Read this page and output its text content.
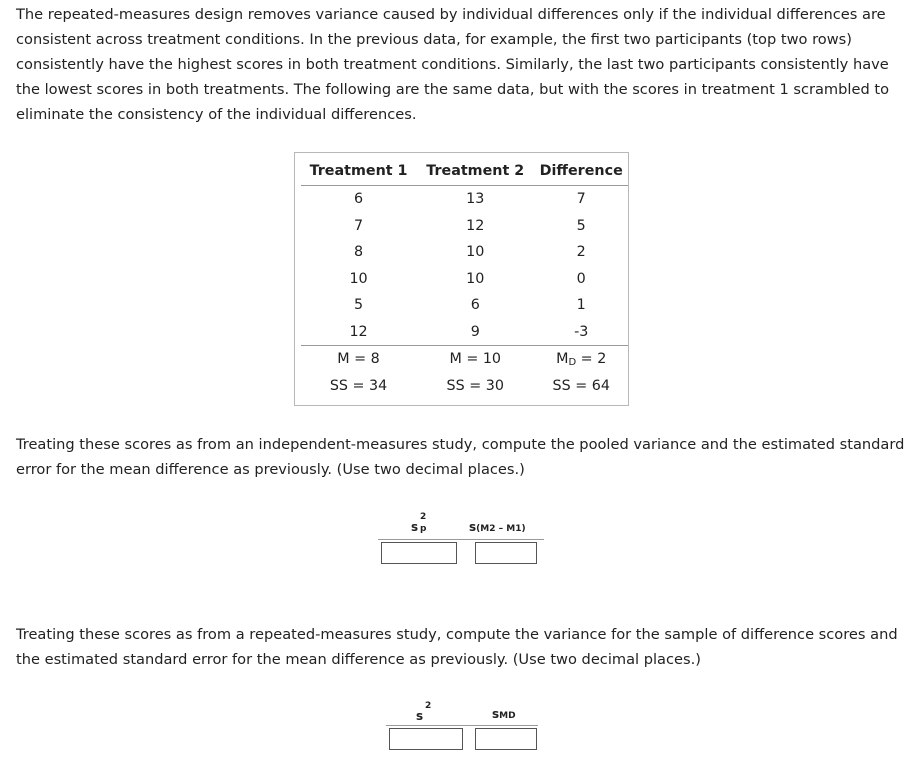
The repeated-measures design removes variance caused by individual differences only if the individual differences are consistent across treatment conditions. In the previous data, for example, the first two participants (top two rows) consistently have the highest scores in both treatment conditions. Similarly, the last two participants consistently have the lowest scores in both treatments. The following are the same data, but with the scores in treatment 1 scrambled to eliminate the consistency of the individual differences.

Treatment 1	Treatment 2	Difference
6	13	7
7	12	5
8	10	2
10	10	0
5	6	1
12	9	-3
M = 8	M = 10	$M_D = 2$
SS = 34	SS = 30	SS = 64

Treating these scores as from an independent-measures study, compute the pooled variance and the estimated standard error for the mean difference as previously. (Use two decimal places.)

s
2
p	s(M2 – M1)

Treating these scores as from a repeated-measures study, compute the variance for the sample of difference scores and the estimated standard error for the mean difference as previously. (Use two decimal places.)

s
2
sMD
